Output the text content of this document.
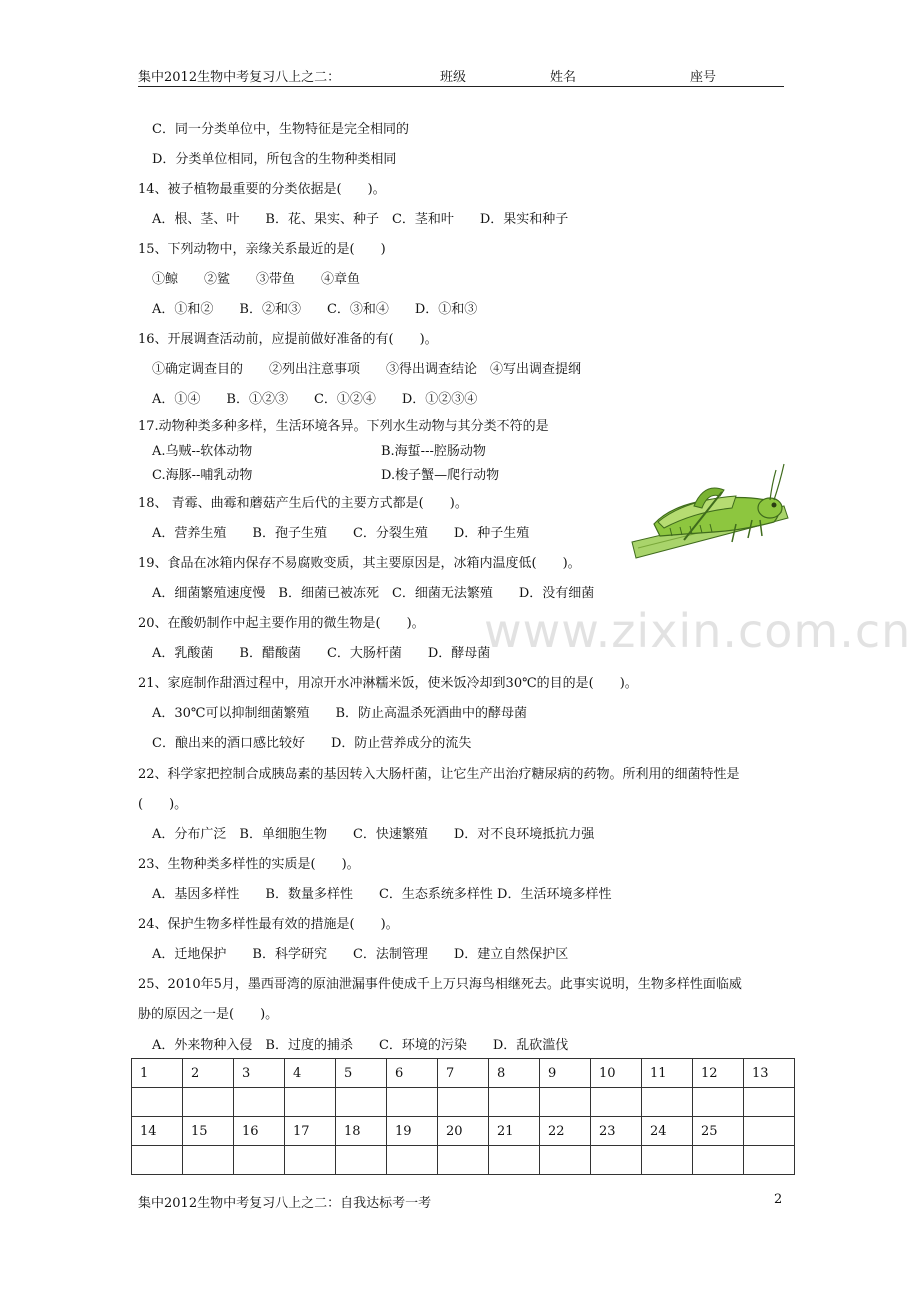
集中2012生物中考复习八上之二：	班级	姓名	座号
C．同一分类单位中，生物特征是完全相同的
D．分类单位相同，所包含的生物种类相同
14、被子植物最重要的分类依据是(　　)。
A．根、茎、叶　　B．花、果实、种子　C．茎和叶　　D．果实和种子
15、下列动物中，亲缘关系最近的是(　　)
①鲸　　②鲨　　③带鱼　　④章鱼
A．①和②　　B．②和③　　C．③和④　　D．①和③
16、开展调查活动前，应提前做好准备的有(　　)。
①确定调查目的　　②列出注意事项　　③得出调查结论　④写出调查提纲
A．①④　　B．①②③　　C．①②④　　D．①②③④
17.动物种类多种多样，生活环境各异。下列水生动物与其分类不符的是
A.乌贼--软体动物	B.海蜇---腔肠动物
C.海豚--哺乳动物	D.梭子蟹—爬行动物
18、 青霉、曲霉和蘑菇产生后代的主要方式都是(　　)。
A．营养生殖　　B．孢子生殖　　C．分裂生殖　　D．种子生殖
19、食品在冰箱内保存不易腐败变质，其主要原因是，冰箱内温度低(　　)。
A．细菌繁殖速度慢　B．细菌已被冻死　C．细菌无法繁殖　　D．没有细菌
20、在酸奶制作中起主要作用的微生物是(　　)。
A．乳酸菌　　B．醋酸菌　　C．大肠杆菌　　D．酵母菌
21、家庭制作甜酒过程中，用凉开水冲淋糯米饭，使米饭冷却到30℃的目的是(　　)。
A．30℃可以抑制细菌繁殖　　B．防止高温杀死酒曲中的酵母菌
C．酿出来的酒口感比较好　　D．防止营养成分的流失
22、科学家把控制合成胰岛素的基因转入大肠杆菌，让它生产出治疗糖尿病的药物。所利用的细菌特性是
(　　)。
A．分布广泛　B．单细胞生物　　C．快速繁殖　　D．对不良环境抵抗力强
23、生物种类多样性的实质是(　　)。
A．基因多样性　　B．数量多样性　　C．生态系统多样性 D．生活环境多样性
24、保护生物多样性最有效的措施是(　　)。
A．迁地保护　　B．科学研究　　C．法制管理　　D．建立自然保护区
25、2010年5月，墨西哥湾的原油泄漏事件使成千上万只海鸟相继死去。此事实说明，生物多样性面临威
胁的原因之一是(　　)。
A．外来物种入侵　B．过度的捕杀　　C．环境的污染　　D．乱砍滥伐
www.zixin.com.cn
1	2	3	4	5	6	7	8	9	10	11	12	13

14	15	16	17	18	19	20	21	22	23	24	25	

集中2012生物中考复习八上之二：自我达标考一考	2
